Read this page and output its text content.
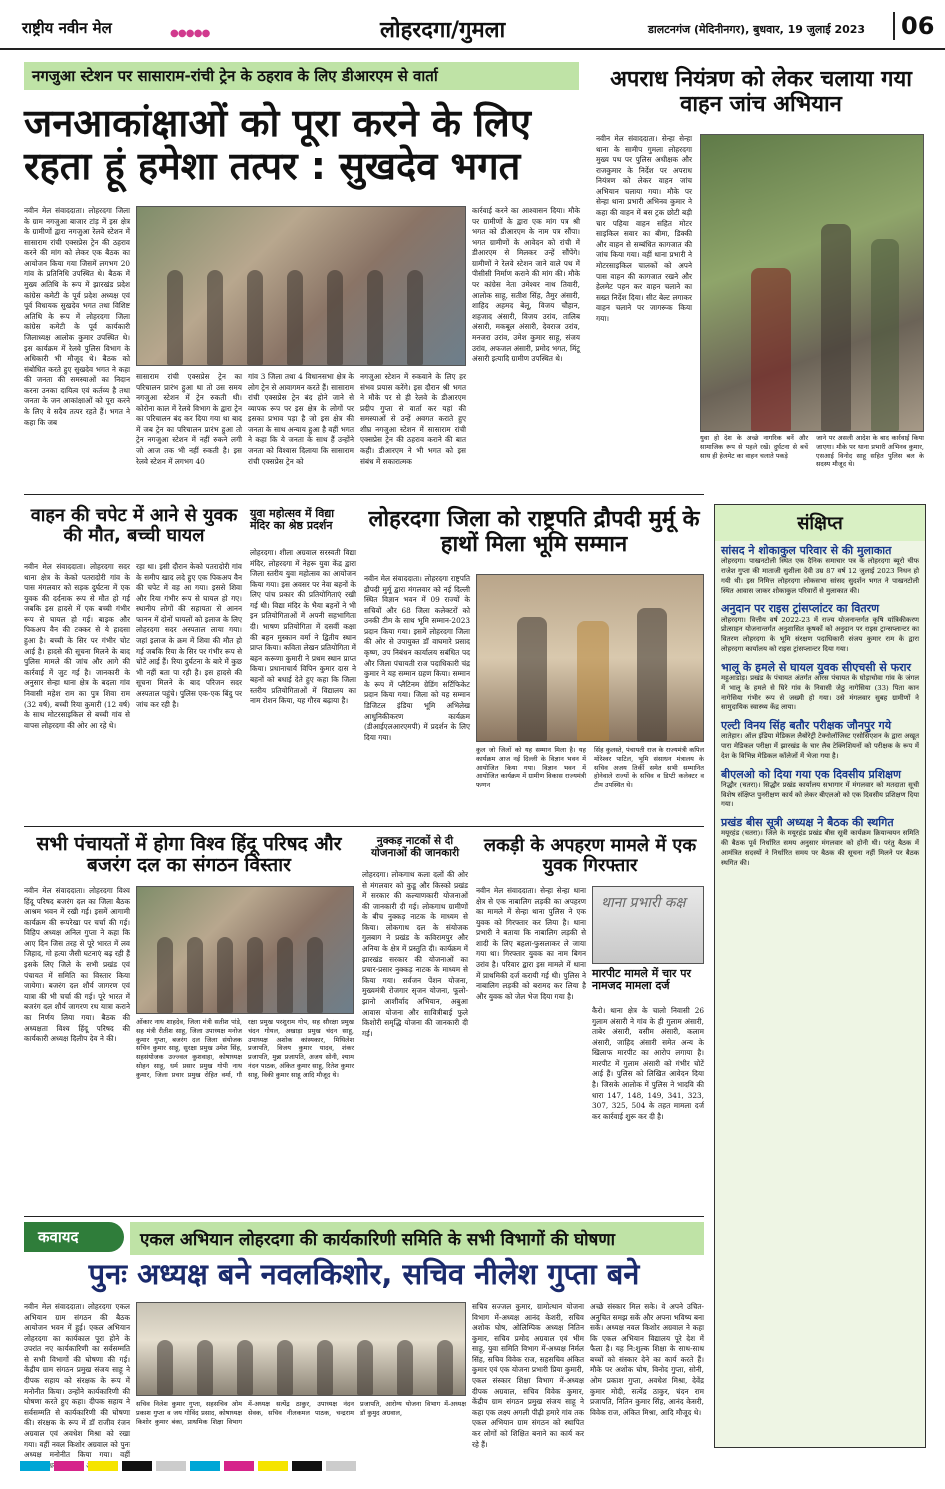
राष्ट्रीय नवीन मेल	● ● ● ● ●	लोहरदगा/गुमला	डालटनगंज (मेदिनीनगर), बुधवार, 19 जुलाई 2023	06
नगजुआ स्टेशन पर सासाराम-रांची ट्रेन के ठहराव के लिए डीआरएम से वार्ता
जनआकांक्षाओं को पूरा करने के लिए रहता हूं हमेशा तत्पर : सुखदेव भगत
नवीन मेल संवाददाता। लोहरदगा जिला के ग्राम नगजुआ बाजार टांड़ में इस क्षेत्र के ग्रामीणों द्वारा नगजुआ रेलवे स्टेशन में सासाराम रांची एक्सप्रेस ट्रेन की ठहराव करने की मांग को लेकर एक बैठक का आयोजन किया गया जिसमें लगभग 20 गांव के प्रतिनिधि उपस्थित थे। बैठक में मुख्य अतिथि के रूप में झारखंड प्रदेश कांग्रेस कमेटी के पूर्व प्रदेश अध्यक्ष एवं पूर्व विधायक सुखदेव भगत तथा विशिष्ट अतिथि के रूप में लोहरदगा जिला कांग्रेस कमेटी के पूर्व कार्यकारी जिलाध्यक्ष आलोक कुमार उपस्थित थे। इस कार्यक्रम में रेलवे पुलिस विभाग के अधिकारी भी मौजूद थे। बैठक को संबोधित करते हुए सुखदेव भगत ने कहा की जनता की समस्याओं का निदान करना उनका दायित्व एवं कर्तव्य है तथा जनता के जन आकांक्षाओं को पूरा करने के लिए वे सदैव तत्पर रहते हैं। भगत ने कहा कि जब
सासाराम रांची एक्सप्रेस ट्रेन का परिचालन प्रारंभ हुआ था तो उस समय नगजुआ स्टेशन में ट्रेन रुकती थी। कोरोना काल में रेलवे विभाग के द्वारा ट्रेन का परिचालन बंद कर दिया गया था बाद में जब ट्रेन का परिचालन प्रारंभ हुआ तो ट्रेन नगजुआ स्टेशन में नहीं रुकने लगी जो आज तक भी नहीं रुकती है। इस रेलवे स्टेशन में लगभग 40
गांव 3 जिला तथा 4 विधानसभा क्षेत्र के लोग ट्रेन से आवागमन करते हैं। सासाराम रांची एक्सप्रेस ट्रेन बंद होने जाने से व्यापक रूप पर इस क्षेत्र के लोगों पर इसका प्रभाव पड़ा है जो इस क्षेत्र की जनता के साथ अन्याय हुआ है वहीं भगत ने कहा कि ये जनता के साथ हैं उन्होंने जनता को विश्वास दिलाया कि सासाराम रांची एक्सप्रेस ट्रेन को
नगजुआ स्टेशन में रुकवाने के लिए हर संभव प्रयास करेंगे। इस दौरान श्री भगत ने मौके पर से ही रेलवे के डीआरएम प्रदीप गुप्ता से वार्ता कर यहां की समस्याओं से उन्हें अवगत कराते हुए शीघ्र नगजुआ स्टेशन में सासाराम रांची एक्सप्रेस ट्रेन की ठहराव कराने की बात कही। डीआरएम ने भी भगत को इस संबंध में सकारात्मक
कार्रवाई करने का आश्वासन दिया। मौके पर ग्रामीणों के द्वारा एक मांग पत्र श्री भगत को डीआरएम के नाम पत्र सौंपा। भगत ग्रामीणों के आवेदन को रांची में डीआरएम से मिलकर उन्हें सौंपेंगे। ग्रामीणों ने रेलवे स्टेशन जाने वाले पथ में पीसीसी निर्माण कराने की मांग की। मौके पर कांग्रेस नेता उमेश्वर नाथ तिवारी, आलोक साहू, सतीश सिंह, तैमुर अंसारी, शाहिद अहमद बेलू, विजय चौहान, शहजाद अंसारी, विजय उरांव, तालिब अंसारी, मकबूल अंसारी, देवराज उरांव, मनजरा उरांव, उमेश कुमार साहू, संजय उरांव, अफजल अंसारी, प्रमोद भगत, मिंटू अंसारी इत्यादि ग्रामीण उपस्थित थे।
अपराध नियंत्रण को लेकर चलाया गया वाहन जांच अभियान
नवीन मेल संवाददाता। सेन्हा सेन्हा थाना के सामीप गुमला लोहरदगा मुख्य पथ पर पुलिस अधीक्षक और राजकुमार के निर्देश पर अपराध नियंत्रण को लेकर वाहन जांच अभियान चलाया गया। मौके पर सेन्हा थाना प्रभारी अभिनव कुमार ने कहा की वाहन में बस ट्रक छोटी बड़ी चार पहिया वाहन सहित मोटर साइकिल सवार का बीमा, डिक्की और वाहन से सम्बंधित कागजात की जांच किया गया। वहीं थाना प्रभारी ने मोटरसाइकिल चालकों को अपने पास वाहन की कागजात रखने और हेलमेट पहन कर वाहन चलाने का सख्त निर्देश दिया। सीट बेल्ट लगाकर वाहन चलाने पर जागरूक किया गया।
युवा हो देश के अच्छे नागरिक बनें और सामाजिक रूप से पहले रखें। दुर्घटना से बचें साथ ही हेलमेट का वाहन चलाते पकड़े
जाने पर असली आदेश के बाद कार्रवाई किया जाएगा। मौके पर थाना प्रभारी अभिनव कुमार, एसआई विनोद साहू सहित पुलिस बल के सदस्य मौजूद थे।
वाहन की चपेट में आने से युवक की मौत, बच्ची घायल
नवीन मेल संवाददाता। लोहरदगा सदर थाना क्षेत्र के केको पतरादोरी गांव के पास मंगलवार को सड़क दुर्घटना में एक युवक की दर्दनाक रूप से मौत हो गई जबकि इस हादसे में एक बच्ची गंभीर रूप से घायल हो गई। बाइक और पिकअप वैन की टक्कर से ये हादसा हुआ है। बच्ची के सिर पर गंभीर चोट आई है। हादसे की सूचना मिलने के बाद पुलिस मामले की जांच और आगे की कार्रवाई में जुट गई है। जानकारी के अनुसार सेन्हा थाना क्षेत्र के बदला गांव निवासी महेश राम का पुत्र शिवा राम (32 वर्ष), बच्ची रिया कुमारी (12 वर्ष) के साथ मोटरसाइकिल से बच्ची गांव से वापस लोहरदगा की ओर आ रहे थे।
रहा था। इसी दौरान केको पतरादोरी गांव के समीप खाद लदे हुए एक पिकअप वैन की चपेट में वह आ गया। इससे शिवा और रिया गंभीर रूप से घायल हो गए। स्थानीय लोगों की सहायता से आनन फानन में दोनों घायलों को इलाज के लिए लोहरदगा सदर अस्पताल लाया गया। जहां इलाज के क्रम में शिवा की मौत हो गई जबकि रिया के सिर पर गंभीर रूप से चोटें आई हैं। रिया दुर्घटना के बारे में कुछ भी नहीं बता पा रही है। इस हादसे की सूचना मिलने के बाद परिजन सदर अस्पताल पहुंचे। पुलिस एक-एक बिंदु पर जांच कर रही है।
युवा महोत्सव में विद्या मंदिर का श्रेष्ठ प्रदर्शन
लोहरदगा। शीला अग्रवाल सरस्वती विद्या मंदिर, लोहरदगा में नेहरू युवा केंद्र द्वारा जिला स्तरीय युवा महोत्सव का आयोजन किया गया। इस अवसर पर नेवा बहनों के लिए पांच प्रकार की प्रतियोगिताएं रखी गई थी। विद्या मंदिर के भैया बहनों ने भी इन प्रतियोगिताओं में अपनी सहभागिता दी। भाषण प्रतियोगिता में दसवीं कक्षा की बहन मुस्कान वर्मा ने द्वितीय स्थान प्राप्त किया। कविता लेखन प्रतियोगिता में बहन करूणा कुमारी ने प्रथम स्थान प्राप्त किया। प्रधानाचार्य विपिन कुमार दास ने बहनों को बधाई देते हुए कहा कि जिला स्तरीय प्रतियोगिताओं में विद्यालय का नाम रोशन किया, यह गौरव बढ़ाया है।
लोहरदगा जिला को राष्ट्रपति द्रौपदी मुर्मू के हाथों मिला भूमि सम्मान
नवीन मेल संवाददाता। लोहरदगा राष्ट्रपति द्रौपदी मुर्मू द्वारा मंगलवार को नई दिल्ली स्थित विज्ञान भवन में 09 राज्यों के सचिवों और 68 जिला कलेक्टरों को उनकी टीम के साथ भूमि सम्मान-2023 प्रदान किया गया। इसमें लोहरदगा जिला की ओर से उपायुक्त डॉ वाघमारे प्रसाद कृष्ण, उप निबंधन कार्यालय सबंधित पद और जिला पंचायती राज पदाधिकारी चंद्र कुमार ने यह सम्मान ग्रहण किया। सम्मान के रूप में प्लैटिनम ग्रेडिंग सर्टिफिकेट प्रदान किया गया। जिला को यह सम्मान डिजिटल इंडिया भूमि अभिलेख आधुनिकीकरण कार्यक्रम (डीआईएलआरएमपी) में प्रदर्शन के लिए दिया गया।
कुल जो जिलों को यह सम्मान मिला है। यह कार्यक्रम आज नई दिल्ली के विज्ञान भवन में आयोजित किया गया। विज्ञान भवन में आयोजित कार्यक्रम में ग्रामीण विकास राज्यमंत्री फग्गन
सिंह कुलस्ते, पंचायती राज के राज्यमंत्री कपिल मोरेश्वर पाटिल, भूमि संसाधन मंत्रालय के सचिव अजय तिर्की समेत सभी सम्मानित होनेवाले राज्यों के सचिव व डिप्टी कलेक्टर व टीम उपस्थित थे।
संक्षिप्त
सांसद ने शोकाकुल परिवार से की मुलाकात
लोहरदगा। पाखनटोली स्थित एक दैनिक समाचार पत्र के लोहरदगा ब्यूरो चीफ राजेश गुप्ता की माताजी सुशीला देवी उम्र 87 वर्ष 12 जुलाई 2023 निधन हो गयी थी। इस निमित्त लोहरदगा लोकसभा सांसद सुदर्शन भगत ने पाखनटोली स्थित आवास जाकर शोकाकुल परिवारों से मुलाकात की।
अनुदान पर राइस ट्रांसप्लांटर का वितरण
लोहरदगा। वित्तीय वर्ष 2022-23 में राज्य योजनान्तर्गत कृषि यांत्रिकीकरण प्रोत्साहन योजनान्तर्गत अनुशासित कृषकों को अनुदान पर राइस ट्रान्सप्लान्टर का वितरण लोहरदगा के भूमि संरक्षण पदाधिकारी संजय कुमार राम के द्वारा लोहरदगा कार्यालय को राइस ट्रांसप्लान्टर दिया गया।
भालू के हमले से घायल युवक सीएचसी से फरार
महुआडांड़। प्रखंड के पंचायत अंतर्गत ओरस पंचायत के घोड़ाचोवा गांव के जंगल में भालू के हमले से घिरे गांव के निवासी जेठु नागेसिया (33) पिता कान नागेसिया गंभीर रूप से जख्मी हो गया। उसे मंगलवार सुबह ग्रामीणों ने सामुदायिक स्वास्थ्य केंद्र लाया।
एल्टी विनय सिंह बतौर परीक्षक जौनपुर गये
लातेहार। ऑल इंडिया मेडिकल लैबोरेट्री टेक्नोलॉजिस्ट एसोसिएशन के द्वारा अखूत पारा मेडिकल परीक्षा में झारखंड के चार लैब टेक्निशियनों को परीक्षक के रूप में देश के विभिन्न मेडिकल कॉलेजों में भेजा गया है।
बीएलओ को दिया गया एक दिवसीय प्रशिक्षण
निद्धौर (चतरा)। सिद्धौर प्रखंड कार्यालय सभागार में मंगलवार को मतदाता सूची विशेष संक्षिप्त पुनरीक्षण कार्य को लेकर बीएलओ को एक दिवसीय प्रशिक्षण दिया गया।
प्रखंड बीस सूत्री अध्यक्ष ने बैठक की स्थगित
मयूरहंड (चतरा)। जिले के मयूरहंड प्रखंड बीस सूत्री कार्यक्रम क्रियान्वयन समिति की बैठक पूर्व निर्धारित समय अनुसार मंगलवार को होनी थी। परंतु बैठक में आमंत्रित सदस्यों ने निर्धारित समय पर बैठक की सूचना नहीं मिलने पर बैठक स्थगित की।
सभी पंचायतों में होगा विश्व हिंदू परिषद और बजरंग दल का संगठन विस्तार
नवीन मेल संवाददाता। लोहरदगा विश्व हिंदू परिषद बजरंग दल का जिला बैठक आश्रम भवन में रखी गई। इसमें आगामी कार्यक्रम की रूपरेखा पर चर्चा की गई। विहिप अध्यक्ष अनिल गुप्ता ने कहा कि आए दिन जिस तरह से पूरे भारत में लव जिहाद, गो हत्या जैसी घटनाएं बढ़ रही हैं इसके लिए जिले के सभी प्रखंड एवं पंचायत में समिति का विस्तार किया जायेगा। बजरंग दल शौर्य जागरण एवं यात्रा की भी चर्चा की गई। पूरे भारत में बजरंग दल शौर्य जागरण रथ यात्रा कराने का निर्णय लिया गया। बैठक की अध्यक्षता विश्व हिंदू परिषद की कार्यकारी अध्यक्ष दिलीप देव ने की।
ओंकार नाथ शाहदेव, जिला मंत्री सतीश पांडे, सह मंत्री रीतीश साहू, जिला उपाध्यक्ष मनोज कुमार गुप्ता, बजरंग दल जिला संयोजक सचिन कुमार साहू, सुरक्षा प्रमुख उमेश सिंह, सहसंयोजक उज्ज्वल कुशवाहा, कोषाध्यक्ष सोहन साहू, धर्म प्रसार प्रमुख गोपी नाथ कुमार, जिला प्रचार प्रमुख रोहित वर्मा, गौ रक्षा प्रमुख परशुराम गोप, सह सौरक्षा प्रमुख चंदन गोयल, अखाड़ा प्रमुख चंदन साहू, उपाध्यक्ष अशोक कांस्यकार, मिथिलेश प्रजापति, विजय कुमार यादव, शंकर प्रजापति, मुन्ना प्रजापति, अजय सोनी, श्याम नंदन पाठक, अंकित कुमार साहू, रितेश कुमार साहू, विकी कुमार साहू आदि मौजूद थे।
नुक्कड़ नाटकों से दी योजनाओं की जानकारी
लोहरदगा। लोकगाथ कला दलों की ओर से मंगलवार को कुडू और किस्को प्रखंड में सरकार की कल्याणकारी योजनाओं की जानकारी दी गई। लोकगाथ ग्रामीणों के बीच नुक्कड़ नाटक के माध्यम से किया। लोकगाथ दल के संयोजक गुलबाग ने प्रखंड के कविरामपुर और अनिया के क्षेत्र में प्रस्तुति दी। कार्यक्रम में झारखंड सरकार की योजनाओं का प्रचार-प्रसार नुक्कड़ नाटक के माध्यम से किया गया। सर्वजन पेंशन योजना, मुख्यमंत्री रोजगार सृजन योजना, फूलो-झानो आशीर्वाद अभियान, अबुआ आवास योजना और सावित्रीबाई फुले किशोरी समृद्धि योजना की जानकारी दी गई।
लकड़ी के अपहरण मामले में एक युवक गिरफ्तार
नवीन मेल संवाददाता। सेन्हा सेन्हा थाना क्षेत्र से एक नाबालिग लड़की का अपहरण का मामले में सेन्हा थाना पुलिस ने एक युवक को गिरफ्तार कर लिया है। थाना प्रभारी ने बताया कि नाबालिग लड़की से शादी के लिए बहला-फुसलाकर ले जाया गया था। गिरफ्तार युवक का नाम बिगन उरांव है। परिवार द्वारा इस मामले में थाना में प्राथमिकी दर्ज करायी गई थी। पुलिस ने नाबालिग लड़की को बरामद कर लिया है और युवक को जेल भेज दिया गया है।
थाना प्रभारी कक्ष
मारपीट मामले में चार पर नामजद मामला दर्ज
कैरो। थाना क्षेत्र के चालो निवासी 26 गुलाम अंसारी ने गांव के ही गुलाम अंसारी, ताबेर अंसारी, वसीम अंसारी, कलाम अंसारी, जाहिद अंसारी समेत अन्य के खिलाफ मारपीट का आरोप लगाया है। मारपीट में गुलाम अंसारी को गंभीर चोटें आई हैं। पुलिस को लिखित आवेदन दिया है। जिसके आलोक में पुलिस ने भादवि की धारा 147, 148, 149, 341, 323, 307, 325, 504 के तहत मामला दर्ज कर कार्रवाई शुरू कर दी है।
कवायद	एकल अभियान लोहरदगा की कार्यकारिणी समिति के सभी विभागों की घोषणा
पुनः अध्यक्ष बने नवलकिशोर, सचिव नीलेश गुप्ता बने
नवीन मेल संवाददाता। लोहरदगा एकल अभियान ग्राम संगठन की बैठक आयोजन भवन में हुई। एकल अभियान लोहरदगा का कार्यकाल पूरा होने के उपरांत नए कार्यकारिणी का सर्वसम्मति से सभी विभागों की घोषणा की गई। केंद्रीय ग्राम संगठन प्रमुख संजय साहू ने दीपक सहाय को संरक्षक के रूप में मनोनीत किया। उन्होंने कार्यकारिणी की घोषणा करते हुए कहा। दीपक सहाय ने सर्वसम्मति से कार्यकारिणी की घोषणा की। संरक्षक के रूप में डॉ राजीव रंजन अग्रवाल एवं अवधेश मिश्रा को रखा गया। वहीं नवल किशोर अग्रवाल को पुनः अध्यक्ष मनोनीत किया गया। वहीं
सचिव निलेश कुमार गुप्ता, सहसचिव ओम प्रकाश गुप्ता व जय गोविंद प्रसाद, कोषाध्यक्ष किशोर कुमार बंका, प्राथमिक शिक्षा विभाग में-अध्यक्ष सत्येंद्र ठाकुर, उपाध्यक्ष नंदन सेवक, सचिव नीलकमल पाठक, चन्द्रराम प्रजापति, आरोग्य योजना विभाग में-अध्यक्ष डॉ कुमुद अग्रवाल,
सचिव सज्जल कुमार, ग्रामोत्थान योजना विभाग में-अध्यक्ष आनंद केशरी, सचिव अशोक घोष, ओलिम्पिक अध्यक्ष नितिन कुमार, सचिव प्रमोद अग्रवाल एवं भीम साहू, युवा समिति विभाग में-अध्यक्ष निर्मल सिंह, सचिव विवेक राज, सहसचिव अंकित कुमार एवं एक योजना प्रभारी प्रिया कुमारी, एकल संस्कार शिक्षा विभाग में-अध्यक्ष दीपक अग्रवाल, सचिव विवेक कुमार, केंद्रीय ग्राम संगठन प्रमुख संजय साहू ने कहा एक लक्ष्य अगली पीढ़ी हमारे गांव तक एकल अभियान ग्राम संगठन को स्थापित कर लोगों को शिक्षित बनाने का कार्य कर रहे हैं।
अच्छे संस्कार मिल सके। वे अपने उचित-अनुचित समझ सकें और अपना भविष्य बना सकें। अध्यक्ष नवल किशोर अग्रवाल ने कहा कि एकल अभियान विद्यालय पूरे देश में फैला है। यह नि:शुल्क शिक्षा के साथ-साथ बच्चों को संस्कार देने का कार्य करते हैं। मौके पर अशोक घोष, विनोद गुप्ता, सोनी, ओम प्रकाश गुप्ता, अवधेश मिश्रा, देवेंद्र कुमार मोदी, सत्येंद्र ठाकुर, चंदन राम प्रजापति, नितिन कुमार सिंह, आनंद केसरी, विवेक राज, अंकित मिश्रा, आदि मौजूद थे।
